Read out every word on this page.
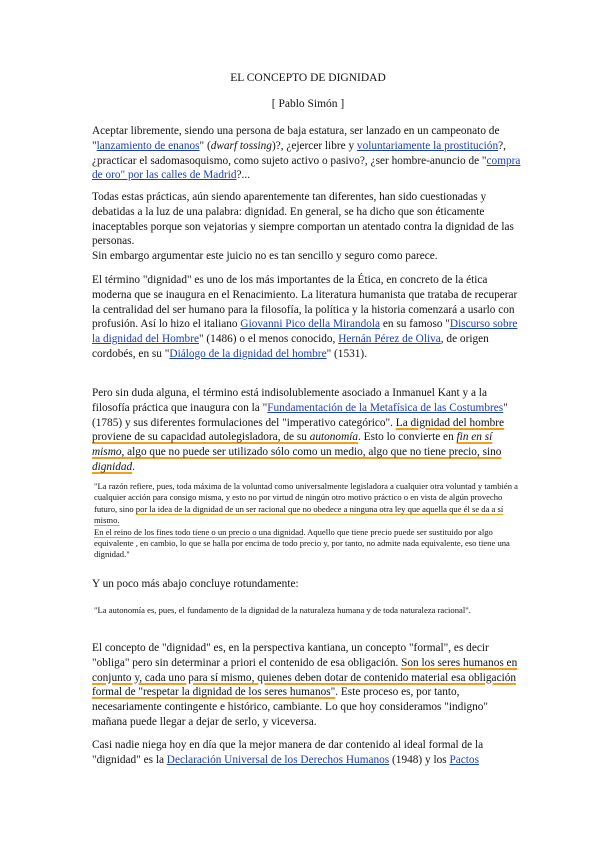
EL CONCEPTO DE DIGNIDAD
[ Pablo Simón ]
Aceptar libremente, siendo una persona de baja estatura, ser lanzado en un campeonato de "lanzamiento de enanos" (dwarf tossing)?, ¿ejercer libre y voluntariamente la prostitución?, ¿practicar el sadomasoquismo, como sujeto activo o pasivo?, ¿ser hombre-anuncio de "compra de oro" por las calles de Madrid?...
Todas estas prácticas, aún siendo aparentemente tan diferentes, han sido cuestionadas y debatidas a la luz de una palabra: dignidad. En general, se ha dicho que son éticamente inaceptables porque son vejatorias y siempre comportan un atentado contra la dignidad de las personas.
Sin embargo argumentar este juicio no es tan sencillo y seguro como parece.
El término "dignidad" es uno de los más importantes de la Ética, en concreto de la ética moderna que se inaugura en el Renacimiento. La literatura humanista que trataba de recuperar la centralidad del ser humano para la filosofía, la política y la historia comenzará a usarlo con profusión. Así lo hizo el italiano Giovanni Pico della Mirandola en su famoso "Discurso sobre la dignidad del Hombre" (1486) o el menos conocido, Hernán Pérez de Oliva, de origen cordobés, en su "Diálogo de la dignidad del hombre" (1531).
Pero sin duda alguna, el término está indisolublemente asociado a Inmanuel Kant y a la filosofía práctica que inaugura con la "Fundamentación de la Metafísica de las Costumbres" (1785) y sus diferentes formulaciones del "imperativo categórico". La dignidad del hombre proviene de su capacidad autolegisladora, de su autonomía. Esto lo convierte en fin en sí mismo, algo que no puede ser utilizado sólo como un medio, algo que no tiene precio, sino dignidad.
"La razón refiere, pues, toda máxima de la voluntad como universalmente legisladora a cualquier otra voluntad y también a cualquier acción para consigo misma, y esto no por virtud de ningún otro motivo práctico o en vista de algún provecho futuro, sino por la idea de la dignidad de un ser racional que no obedece a ninguna otra ley que aquella que él se da a sí mismo.
En el reino de los fines todo tiene o un precio o una dignidad. Aquello que tiene precio puede ser sustituido por algo equivalente , en cambio, lo que se halla por encima de todo precio y, por tanto, no admite nada equivalente, eso tiene una dignidad."
Y un poco más abajo concluye rotundamente:
"La autonomía es, pues, el fundamento de la dignidad de la naturaleza humana y de toda naturaleza racional".
El concepto de "dignidad" es, en la perspectiva kantiana, un concepto "formal", es decir "obliga" pero sin determinar a priori el contenido de esa obligación. Son los seres humanos en conjunto y, cada uno para sí mismo, quienes deben dotar de contenido material esa obligación formal de "respetar la dignidad de los seres humanos". Este proceso es, por tanto, necesariamente contingente e histórico, cambiante. Lo que hoy consideramos "indigno" mañana puede llegar a dejar de serlo, y viceversa.
Casi nadie niega hoy en día que la mejor manera de dar contenido al ideal formal de la "dignidad" es la Declaración Universal de los Derechos Humanos (1948) y los Pactos
